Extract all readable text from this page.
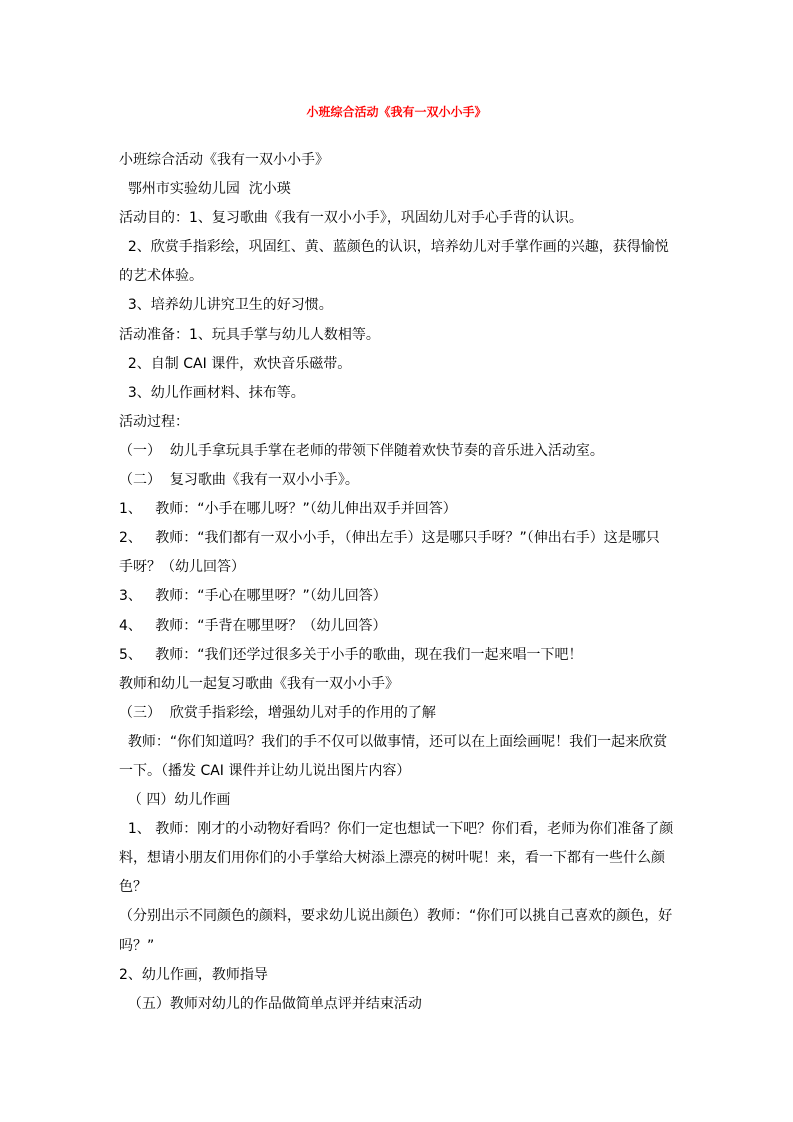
小班综合活动《我有一双小小手》
小班综合活动《我有一双小小手》
鄂州市实验幼儿园  沈小瑛
活动目的：1、复习歌曲《我有一双小小手》，巩固幼儿对手心手背的认识。
2、欣赏手指彩绘，巩固红、黄、蓝颜色的认识，培养幼儿对手掌作画的兴趣，获得愉悦
的艺术体验。
3、培养幼儿讲究卫生的好习惯。
活动准备：1、玩具手掌与幼儿人数相等。
2、自制 CAI 课件，欢快音乐磁带。
3、幼儿作画材料、抹布等。
活动过程：
（一）  幼儿手拿玩具手掌在老师的带领下伴随着欢快节奏的音乐进入活动室。
（二）  复习歌曲《我有一双小小手》。
1、   教师：“小手在哪儿呀？”（幼儿伸出双手并回答）
2、   教师：“我们都有一双小小手，（伸出左手）这是哪只手呀？”（伸出右手）这是哪只
手呀？（幼儿回答）
3、   教师：“手心在哪里呀？”（幼儿回答）
4、   教师：“手背在哪里呀？（幼儿回答）
5、   教师：“我们还学过很多关于小手的歌曲，现在我们一起来唱一下吧！
教师和幼儿一起复习歌曲《我有一双小小手》
（三）  欣赏手指彩绘，增强幼儿对手的作用的了解
教师：“你们知道吗？我们的手不仅可以做事情，还可以在上面绘画呢！我们一起来欣赏
一下。（播发 CAI 课件并让幼儿说出图片内容）
（ 四）幼儿作画
1、 教师：刚才的小动物好看吗？你们一定也想试一下吧？你们看，老师为你们准备了颜
料，想请小朋友们用你们的小手掌给大树添上漂亮的树叶呢！来，看一下都有一些什么颜
色？
（分别出示不同颜色的颜料，要求幼儿说出颜色）教师：“你们可以挑自己喜欢的颜色，好
吗？”
2、幼儿作画，教师指导
（五）教师对幼儿的作品做简单点评并结束活动
